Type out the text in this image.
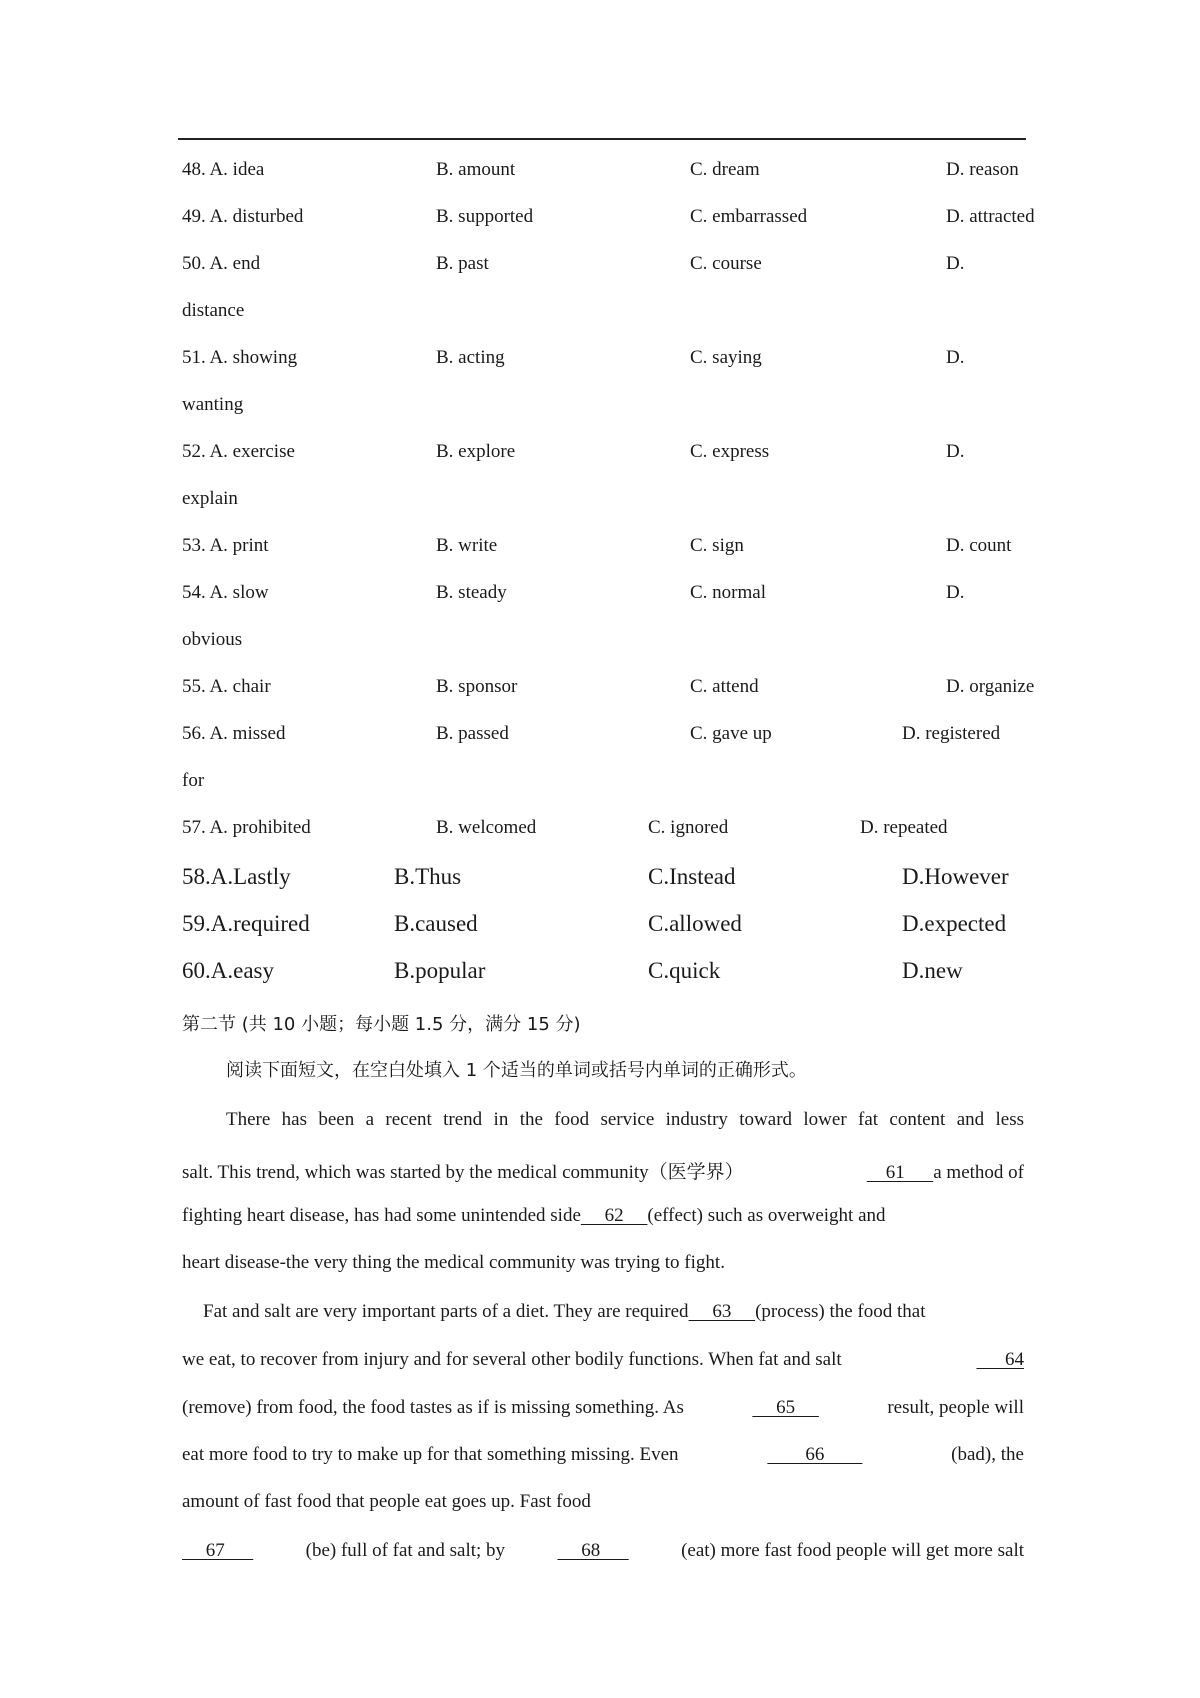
48. A. idea	B. amount	C. dream	D. reason
49. A. disturbed	B. supported	C. embarrassed	D. attracted
50. A. end	B. past	C. course	D.
distance
51. A. showing	B. acting	C. saying	D.
wanting
52. A. exercise	B. explore	C. express	D.
explain
53. A. print	B. write	C. sign	D. count
54. A. slow	B. steady	C. normal	D.
obvious
55. A. chair	B. sponsor	C. attend	D. organize
56. A. missed	B. passed	C. gave up	D. registered
for
57. A. prohibited	B. welcomed	C. ignored	D. repeated
58.A.Lastly	B.Thus	C.Instead	D.However
59.A.required	B.caused	C.allowed	D.expected
60.A.easy	B.popular	C.quick	D.new
第二节 (共 10 小题；每小题 1.5 分，满分 15 分)
阅读下面短文，在空白处填入 1 个适当的单词或括号内单词的正确形式。
There has been a recent trend in the food service industry toward lower fat content and less
salt. This trend, which was started by the medical community（医学界）	61      a method of
fighting heart disease, has had some unintended side     62     (effect) such as overweight and
heart disease-the very thing the medical community was trying to fight.
Fat and salt are very important parts of a diet. They are required     63     (process) the food that
we eat, to recover from injury and for several other bodily functions. When fat and salt	64
(remove) from food, the food tastes as if is missing something. As	65	result, people will
eat more food to try to make up for that something missing. Even	66	(bad), the
amount of fast food that people eat goes up. Fast food
67	(be) full of fat and salt; by	68	(eat) more fast food people will get more salt
